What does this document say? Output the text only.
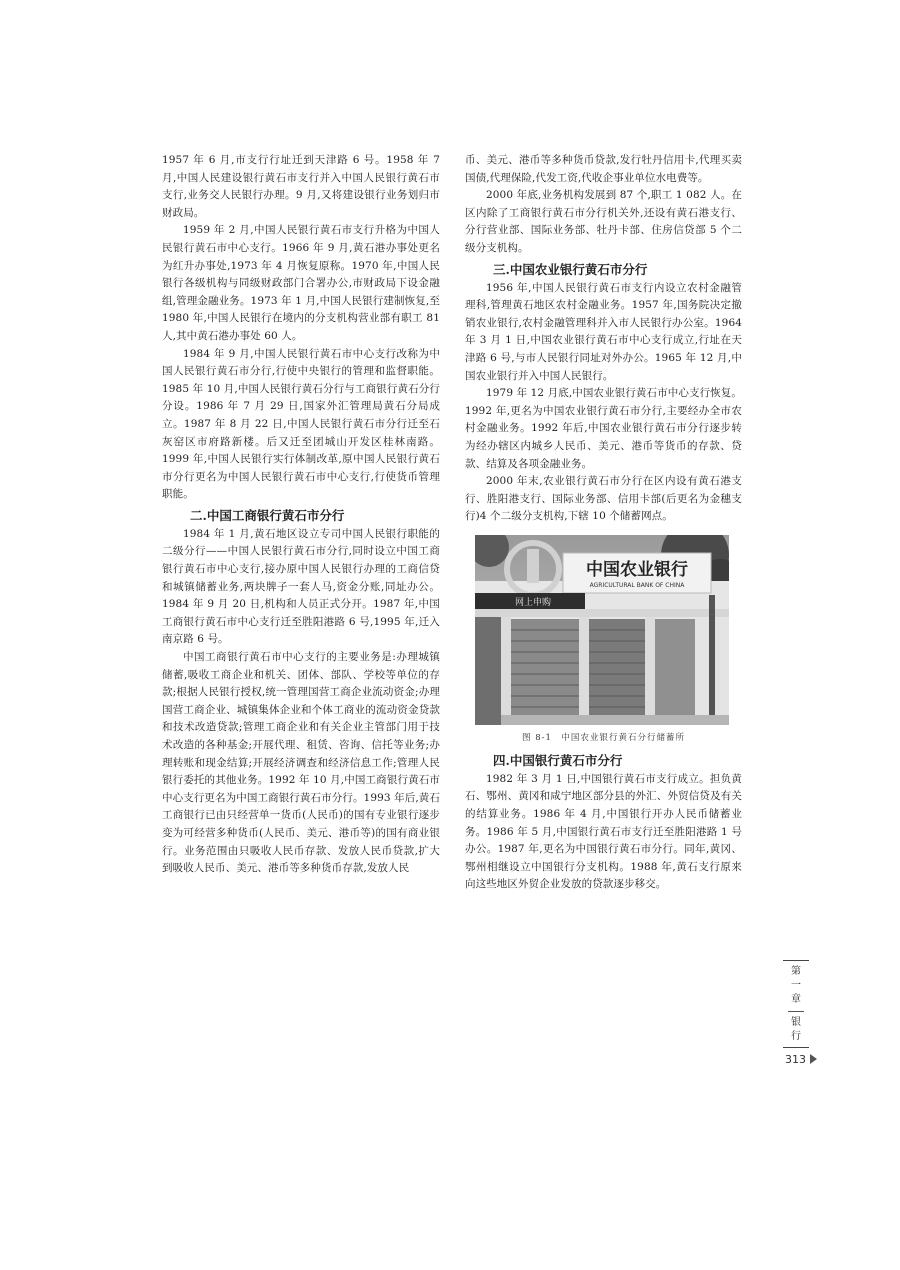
1957 年 6 月,市支行行址迁到天津路 6 号。1958 年 7 月,中国人民建设银行黄石市支行并入中国人民银行黄石市支行,业务交人民银行办理。9 月,又将建设银行业务划归市财政局。

1959 年 2 月,中国人民银行黄石市支行升格为中国人民银行黄石市中心支行。1966 年 9 月,黄石港办事处更名为红升办事处,1973 年 4 月恢复原称。1970 年,中国人民银行各级机构与同级财政部门合署办公,市财政局下设金融组,管理金融业务。1973 年 1 月,中国人民银行建制恢复,至 1980 年,中国人民银行在境内的分支机构营业部有职工 81 人,其中黄石港办事处 60 人。

1984 年 9 月,中国人民银行黄石市中心支行改称为中国人民银行黄石市分行,行使中央银行的管理和监督职能。1985 年 10 月,中国人民银行黄石分行与工商银行黄石分行分设。1986 年 7 月 29 日,国家外汇管理局黄石分局成立。1987 年 8 月 22 日,中国人民银行黄石市分行迁至石灰窑区市府路新楼。后又迁至团城山开发区桂林南路。1999 年,中国人民银行实行体制改革,原中国人民银行黄石市分行更名为中国人民银行黄石市中心支行,行使货币管理职能。

二.中国工商银行黄石市分行

1984 年 1 月,黄石地区设立专司中国人民银行职能的二级分行——中国人民银行黄石市分行,同时设立中国工商银行黄石市中心支行,接办原中国人民银行办理的工商信贷和城镇储蓄业务,两块牌子一套人马,资金分账,同址办公。1984 年 9 月 20 日,机构和人员正式分开。1987 年,中国工商银行黄石市中心支行迁至胜阳港路 6 号,1995 年,迁入南京路 6 号。

中国工商银行黄石市中心支行的主要业务是:办理城镇储蓄,吸收工商企业和机关、团体、部队、学校等单位的存款;根据人民银行授权,统一管理国营工商企业流动资金;办理国营工商企业、城镇集体企业和个体工商业的流动资金贷款和技术改造贷款;管理工商企业和有关企业主管部门用于技术改造的各种基金;开展代理、租赁、咨询、信托等业务;办理转账和现金结算;开展经济调查和经济信息工作;管理人民银行委托的其他业务。1992 年 10 月,中国工商银行黄石市中心支行更名为中国工商银行黄石市分行。1993 年后,黄石工商银行已由只经营单一货币(人民币)的国有专业银行逐步变为可经营多种货币(人民币、美元、港币等)的国有商业银行。业务范围由只吸收人民币存款、发放人民币贷款,扩大到吸收人民币、美元、港币等多种货币存款,发放人民

币、美元、港币等多种货币贷款,发行牡丹信用卡,代理买卖国债,代理保险,代发工资,代收企事业单位水电费等。

2000 年底,业务机构发展到 87 个,职工 1 082 人。在区内除了工商银行黄石市分行机关外,还设有黄石港支行、分行营业部、国际业务部、牡丹卡部、住房信贷部 5 个二级分支机构。

三.中国农业银行黄石市分行

1956 年,中国人民银行黄石市支行内设立农村金融管理科,管理黄石地区农村金融业务。1957 年,国务院决定撤销农业银行,农村金融管理科并入市人民银行办公室。1964 年 3 月 1 日,中国农业银行黄石市中心支行成立,行址在天津路 6 号,与市人民银行同址对外办公。1965 年 12 月,中国农业银行并入中国人民银行。

1979 年 12 月底,中国农业银行黄石市中心支行恢复。1992 年,更名为中国农业银行黄石市分行,主要经办全市农村金融业务。1992 年后,中国农业银行黄石市分行逐步转为经办辖区内城乡人民币、美元、港币等货币的存款、贷款、结算及各项金融业务。

2000 年末,农业银行黄石市分行在区内设有黄石港支行、胜阳港支行、国际业务部、信用卡部(后更名为金穗支行)4 个二级分支机构,下辖 10 个储蓄网点。

中国农业银行
AGRICULTURAL BANK OF CHINA
网上申购
图 8-1　中国农业银行黄石分行储蓄所
四.中国银行黄石市分行

1982 年 3 月 1 日,中国银行黄石市支行成立。担负黄石、鄂州、黄冈和咸宁地区部分县的外汇、外贸信贷及有关的结算业务。1986 年 4 月,中国银行开办人民币储蓄业务。1986 年 5 月,中国银行黄石市支行迁至胜阳港路 1 号办公。1987 年,更名为中国银行黄石市分行。同年,黄冈、鄂州相继设立中国银行分支机构。1988 年,黄石支行原来向这些地区外贸企业发放的贷款逐步移交。

第
一
章
银
行
313
